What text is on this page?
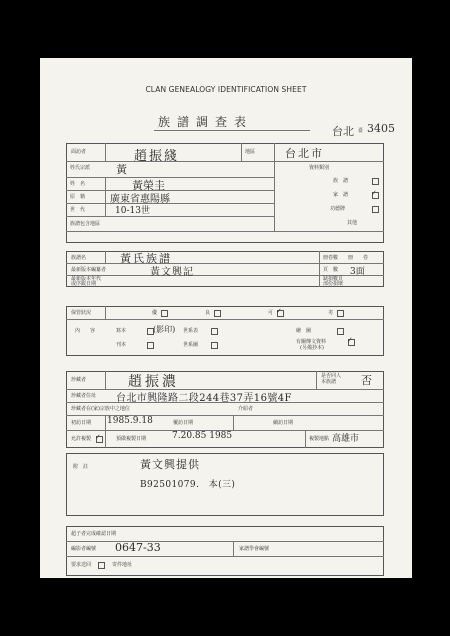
CLAN GENEALOGY IDENTIFICATION SHEET
族譜調查表
台北 臺 3405
面訪者	趙振綫	地區	台北市
姓氏宗派 黃
姓　名	黃榮圭
原　籍 廣東省惠陽縣
世　代	10-13世
族譜包含地區
資料類別
族　譜
家　譜	✓
功德牌
其他
族譜名	黃氏族譜	冊卷數　　冊　　卷
最新版本編纂者	黃文興記	頁　數 3面
最新版本年代
或序跋日期
缺損數頁
部份損壞
保管狀況	優	良	可 ✓	劣
內　　容	寫本	(影印) 世系表	繪　圖
刊本	世系圖	有關傳文資料	✓
(另備抄本)
珍藏者	趙振濃	是否同人
本族譜 否
珍藏者住址 台北市興隆路二段244巷37弄16號4F
珍藏者在(家)宗族中之地位	介紹者
初訪日期 1985.9.18	覆訪日期	續訪日期
允許複製 ✓	預做複製日期	7.20.85 1985	複製地點 高雄市
附　註	黃文興提供
B92501079.　本(三)
超子者完成確認日期
編影者編號 0647-33	家譜學會編號
要求送回	寄件地址
